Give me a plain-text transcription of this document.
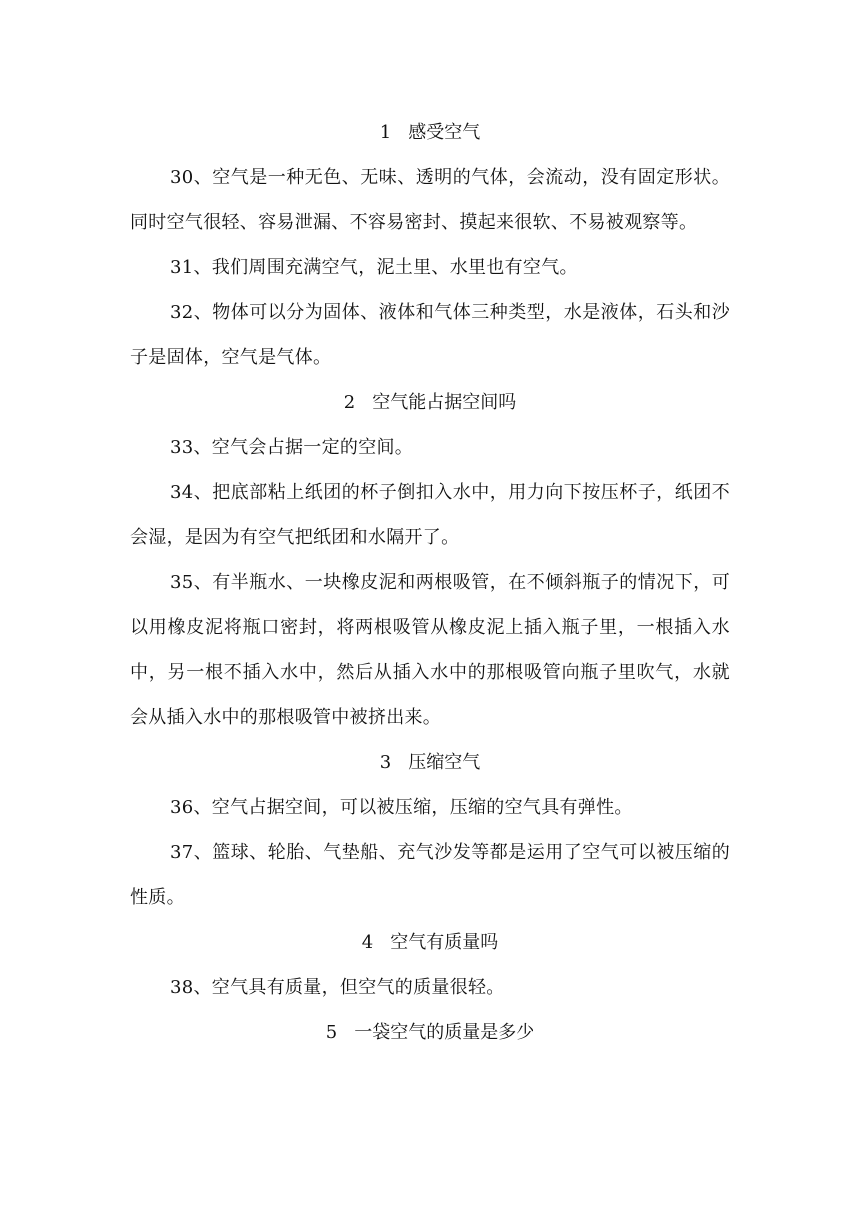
1   感受空气

30、空气是一种无色、无味、透明的气体，会流动，没有固定形状。同时空气很轻、容易泄漏、不容易密封、摸起来很软、不易被观察等。

31、我们周围充满空气，泥土里、水里也有空气。

32、物体可以分为固体、液体和气体三种类型，水是液体，石头和沙子是固体，空气是气体。

2   空气能占据空间吗

33、空气会占据一定的空间。

34、把底部粘上纸团的杯子倒扣入水中，用力向下按压杯子，纸团不会湿，是因为有空气把纸团和水隔开了。

35、有半瓶水、一块橡皮泥和两根吸管，在不倾斜瓶子的情况下，可以用橡皮泥将瓶口密封，将两根吸管从橡皮泥上插入瓶子里，一根插入水中，另一根不插入水中，然后从插入水中的那根吸管向瓶子里吹气，水就会从插入水中的那根吸管中被挤出来。

3   压缩空气

36、空气占据空间，可以被压缩，压缩的空气具有弹性。

37、篮球、轮胎、气垫船、充气沙发等都是运用了空气可以被压缩的性质。

4   空气有质量吗

38、空气具有质量，但空气的质量很轻。

5   一袋空气的质量是多少
